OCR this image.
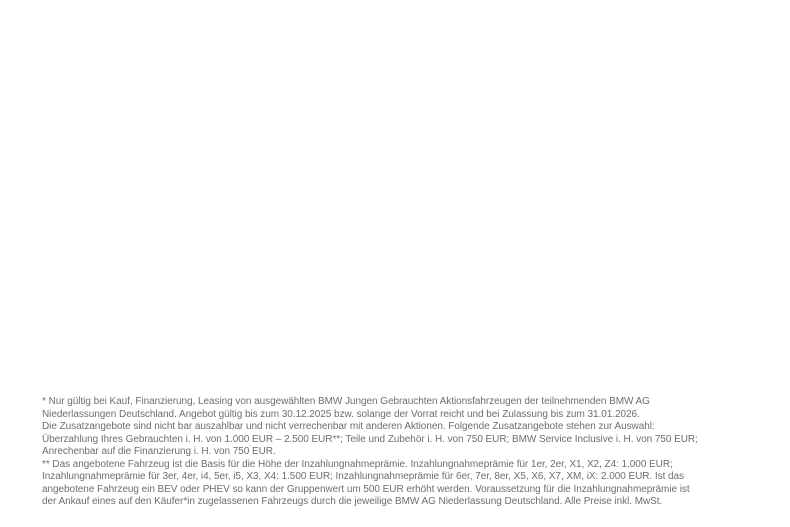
* Nur gültig bei Kauf, Finanzierung, Leasing von ausgewählten BMW Jungen Gebrauchten Aktionsfahrzeugen der teilnehmenden BMW AG
Niederlassungen Deutschland. Angebot gültig bis zum 30.12.2025 bzw. solange der Vorrat reicht und bei Zulassung bis zum 31.01.2026.
Die Zusatzangebote sind nicht bar auszahlbar und nicht verrechenbar mit anderen Aktionen. Folgende Zusatzangebote stehen zur Auswahl:
Überzahlung Ihres Gebrauchten i. H. von 1.000 EUR – 2.500 EUR**; Teile und Zubehör i. H. von 750 EUR; BMW Service Inclusive i. H. von 750 EUR;
Anrechenbar auf die Finanzierung i. H. von 750 EUR.
** Das angebotene Fahrzeug ist die Basis für die Höhe der Inzahlungnahmeprämie. Inzahlungnahmeprämie für 1er, 2er, X1, X2, Z4: 1.000 EUR;
Inzahlungnahmeprämie für 3er, 4er, i4, 5er, i5, X3, X4: 1.500 EUR; Inzahlungnahmeprämie für 6er, 7er, 8er, X5, X6, X7, XM, iX: 2.000 EUR. Ist das
angebotene Fahrzeug ein BEV oder PHEV so kann der Gruppenwert um 500 EUR erhöht werden. Voraussetzung für die Inzahlungnahmeprämie ist
der Ankauf eines auf den Käufer*in zugelassenen Fahrzeugs durch die jeweilige BMW AG Niederlassung Deutschland. Alle Preise inkl. MwSt.
